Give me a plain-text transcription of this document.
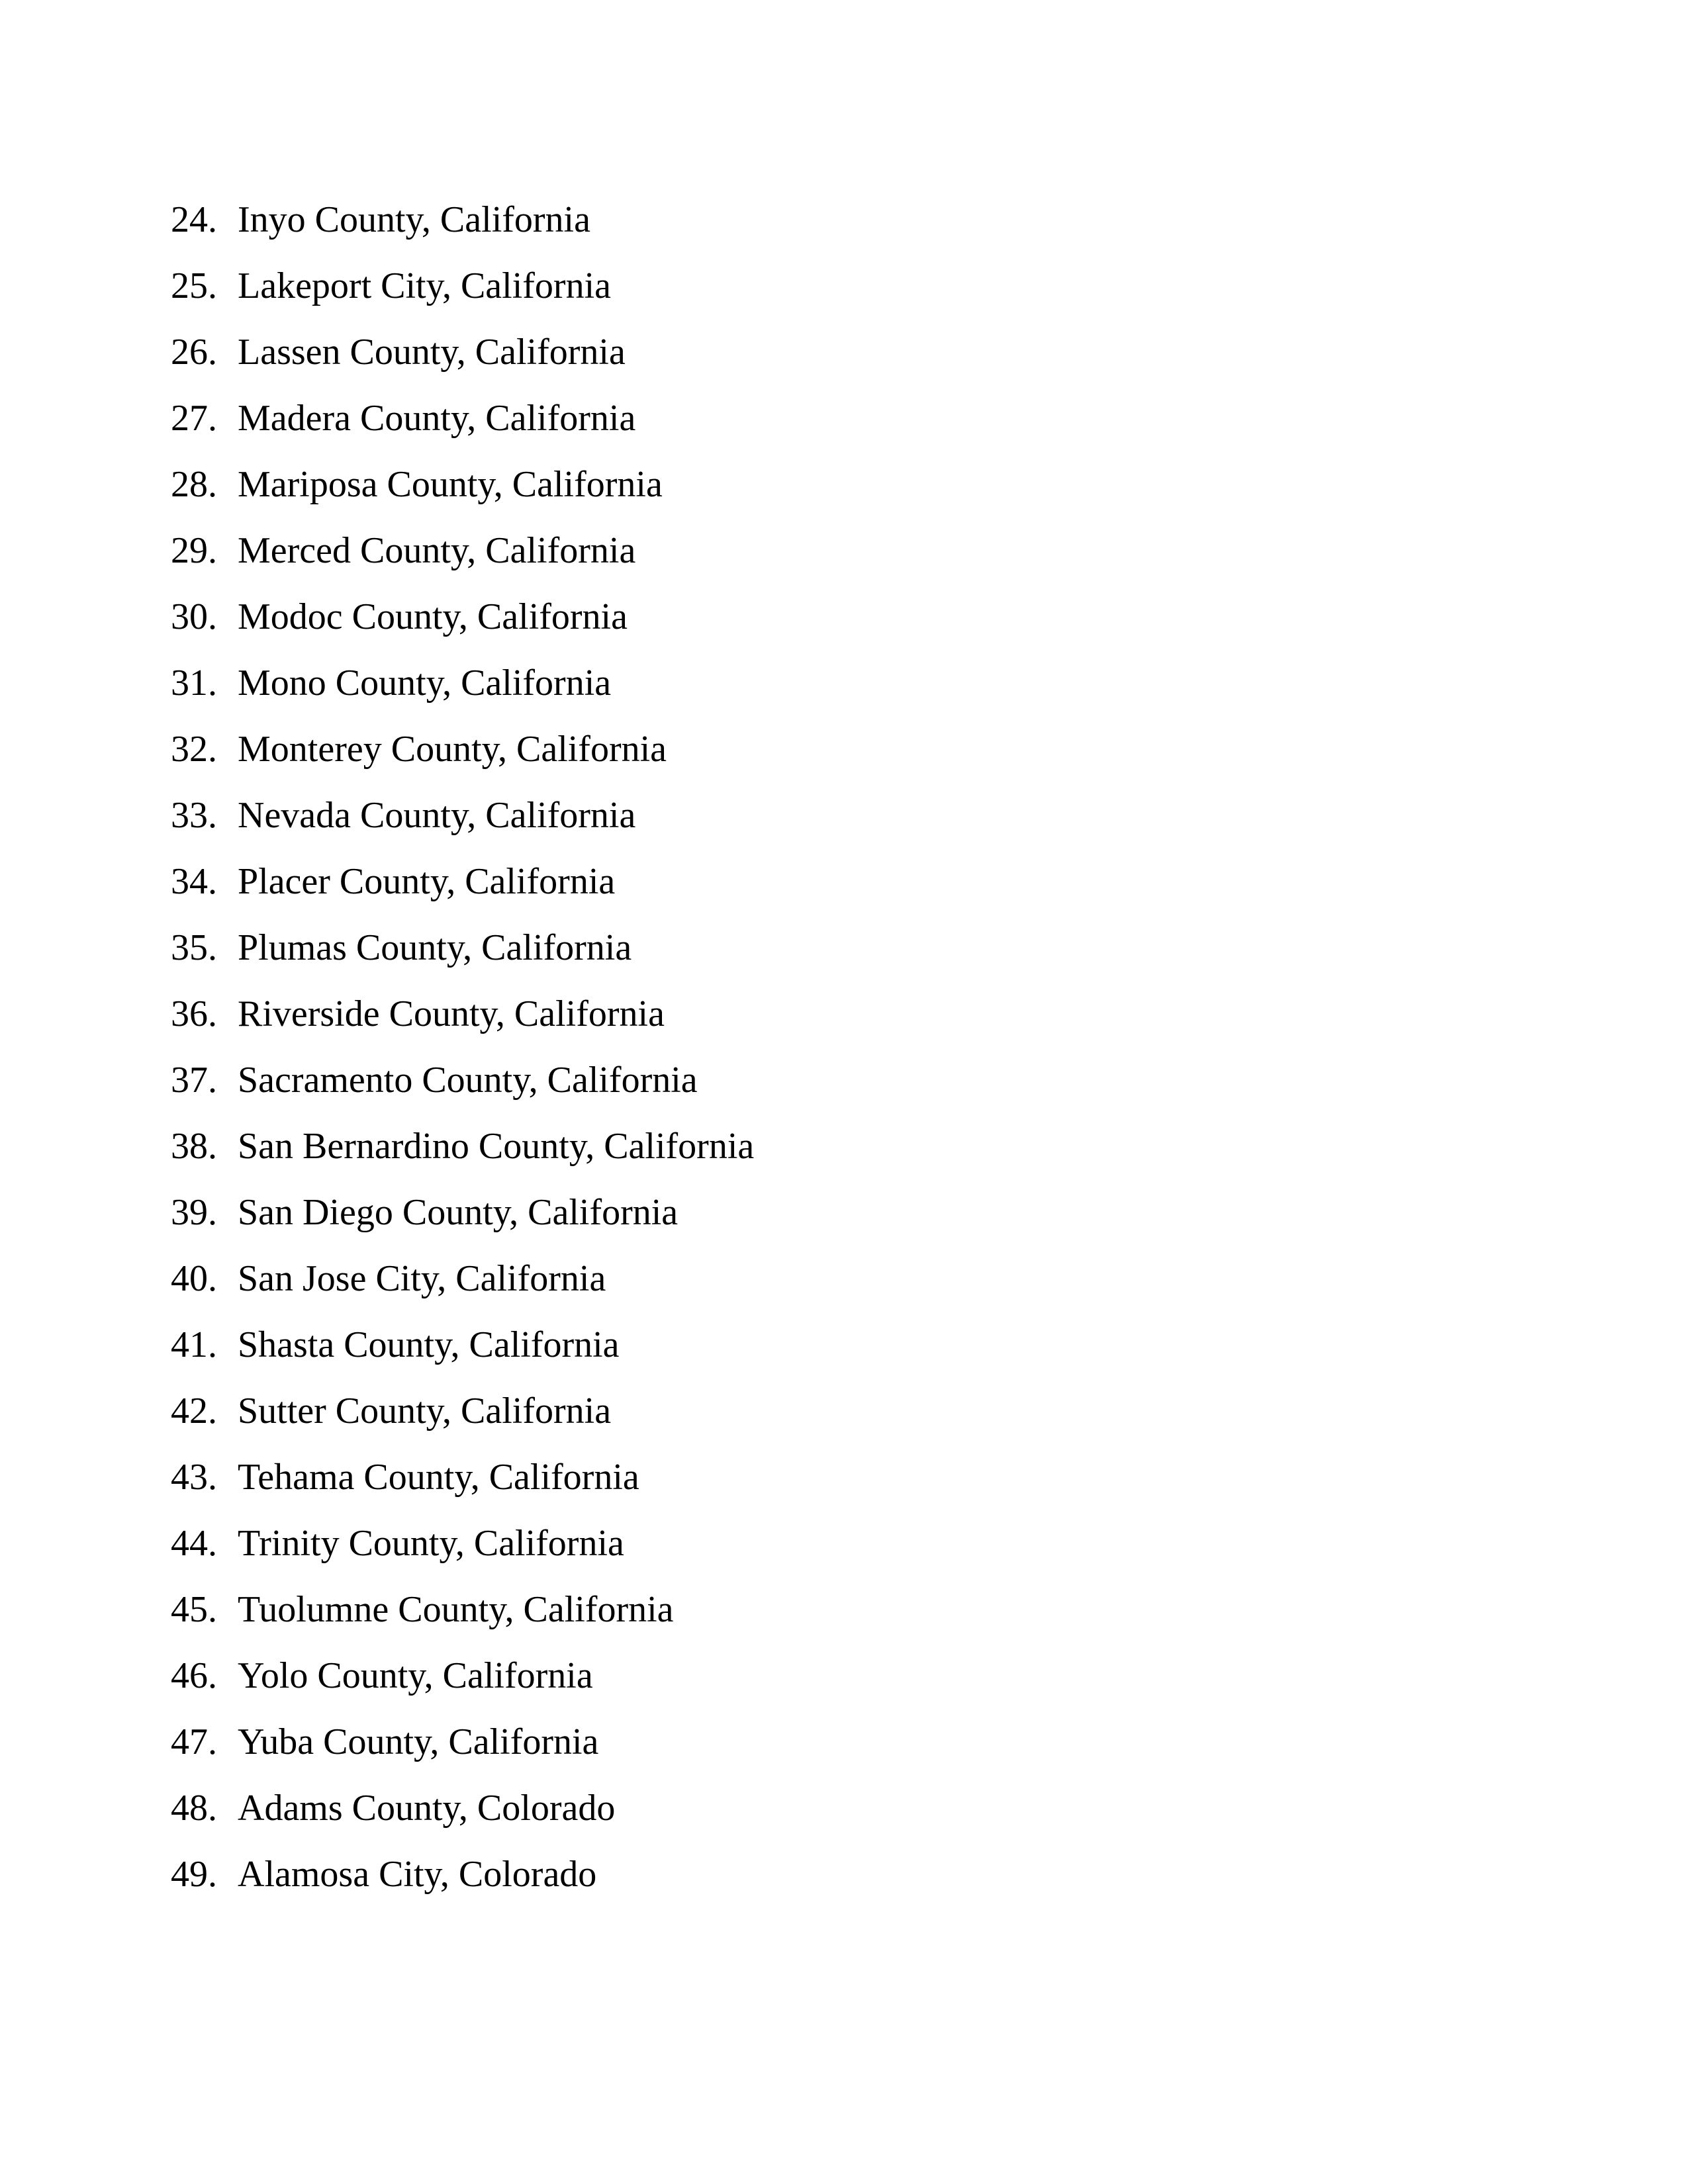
24. Inyo County, California
25. Lakeport City, California
26. Lassen County, California
27. Madera County, California
28. Mariposa County, California
29. Merced County, California
30. Modoc County, California
31. Mono County, California
32. Monterey County, California
33. Nevada County, California
34. Placer County, California
35. Plumas County, California
36. Riverside County, California
37. Sacramento County, California
38. San Bernardino County, California
39. San Diego County, California
40. San Jose City, California
41. Shasta County, California
42. Sutter County, California
43. Tehama County, California
44. Trinity County, California
45. Tuolumne County, California
46. Yolo County, California
47. Yuba County, California
48. Adams County, Colorado
49. Alamosa City, Colorado
